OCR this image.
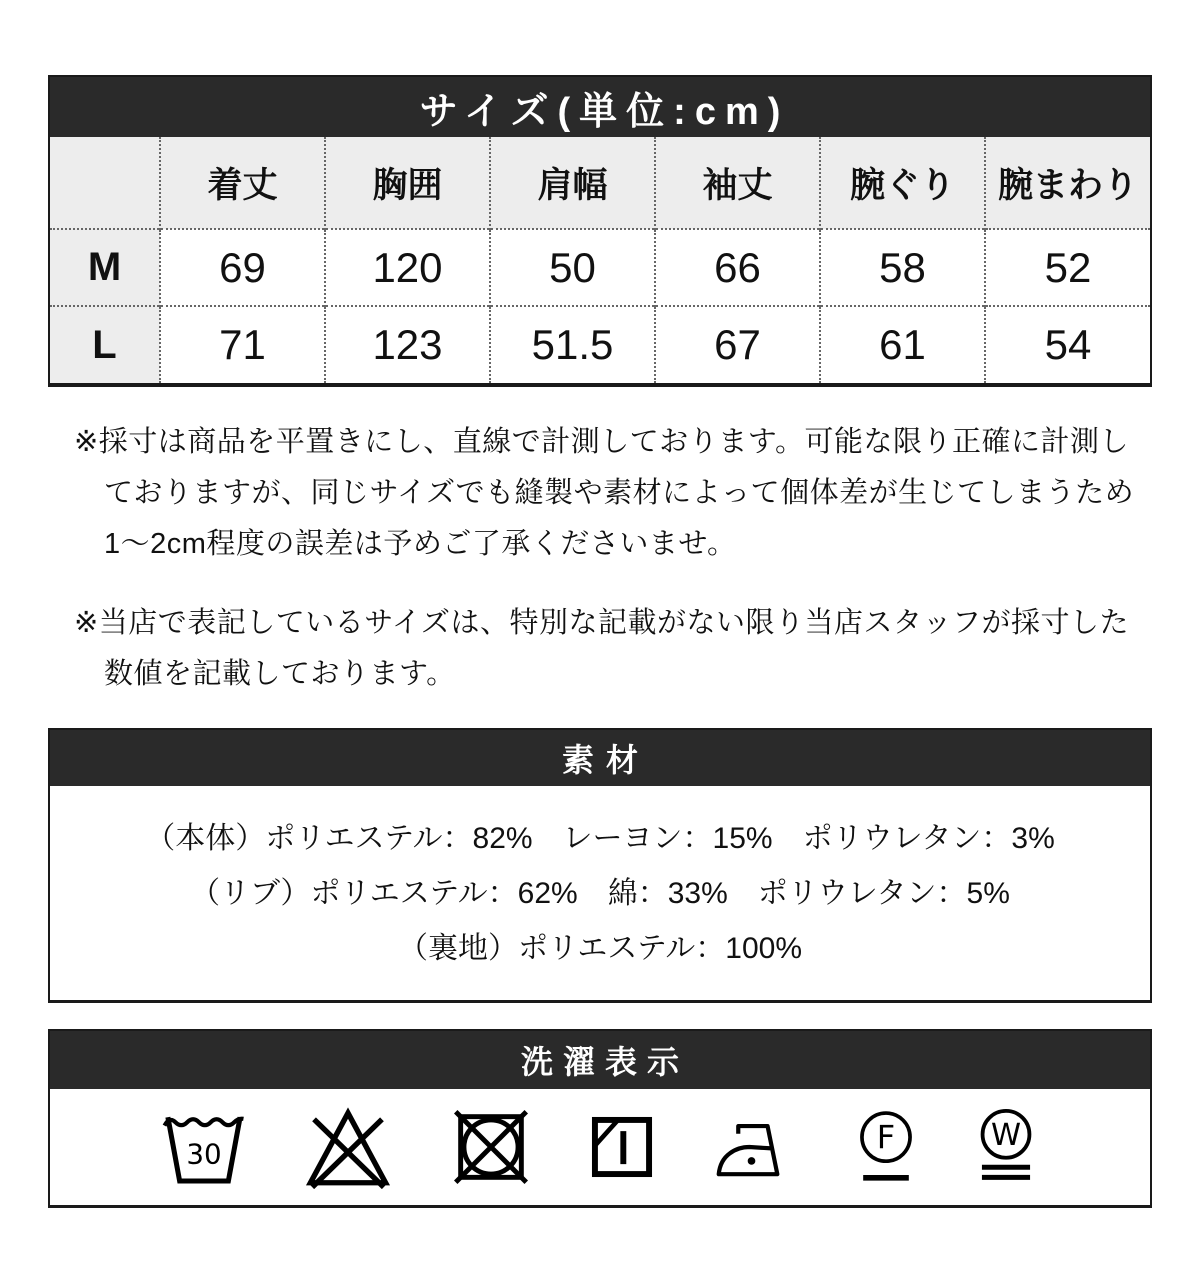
サイズ(単位:cm)
	着丈	胸囲	肩幅	袖丈	腕ぐり	腕まわり
M	69	120	50	66	58	52
L	71	123	51.5	67	61	54
※採寸は商品を平置きにし、直線で計測しております。可能な限り正確に計測し
ておりますが、同じサイズでも縫製や素材によって個体差が生じてしまうため
1～2cm程度の誤差は予めご了承くださいませ。
※当店で表記しているサイズは、特別な記載がない限り当店スタッフが採寸した
数値を記載しております。
素材
（本体）ポリエステル：82%　レーヨン：15%　ポリウレタン：3%
（リブ）ポリエステル：62%　綿：33%　ポリウレタン：5%
（裏地）ポリエステル：100%
洗濯表示
30	F W
